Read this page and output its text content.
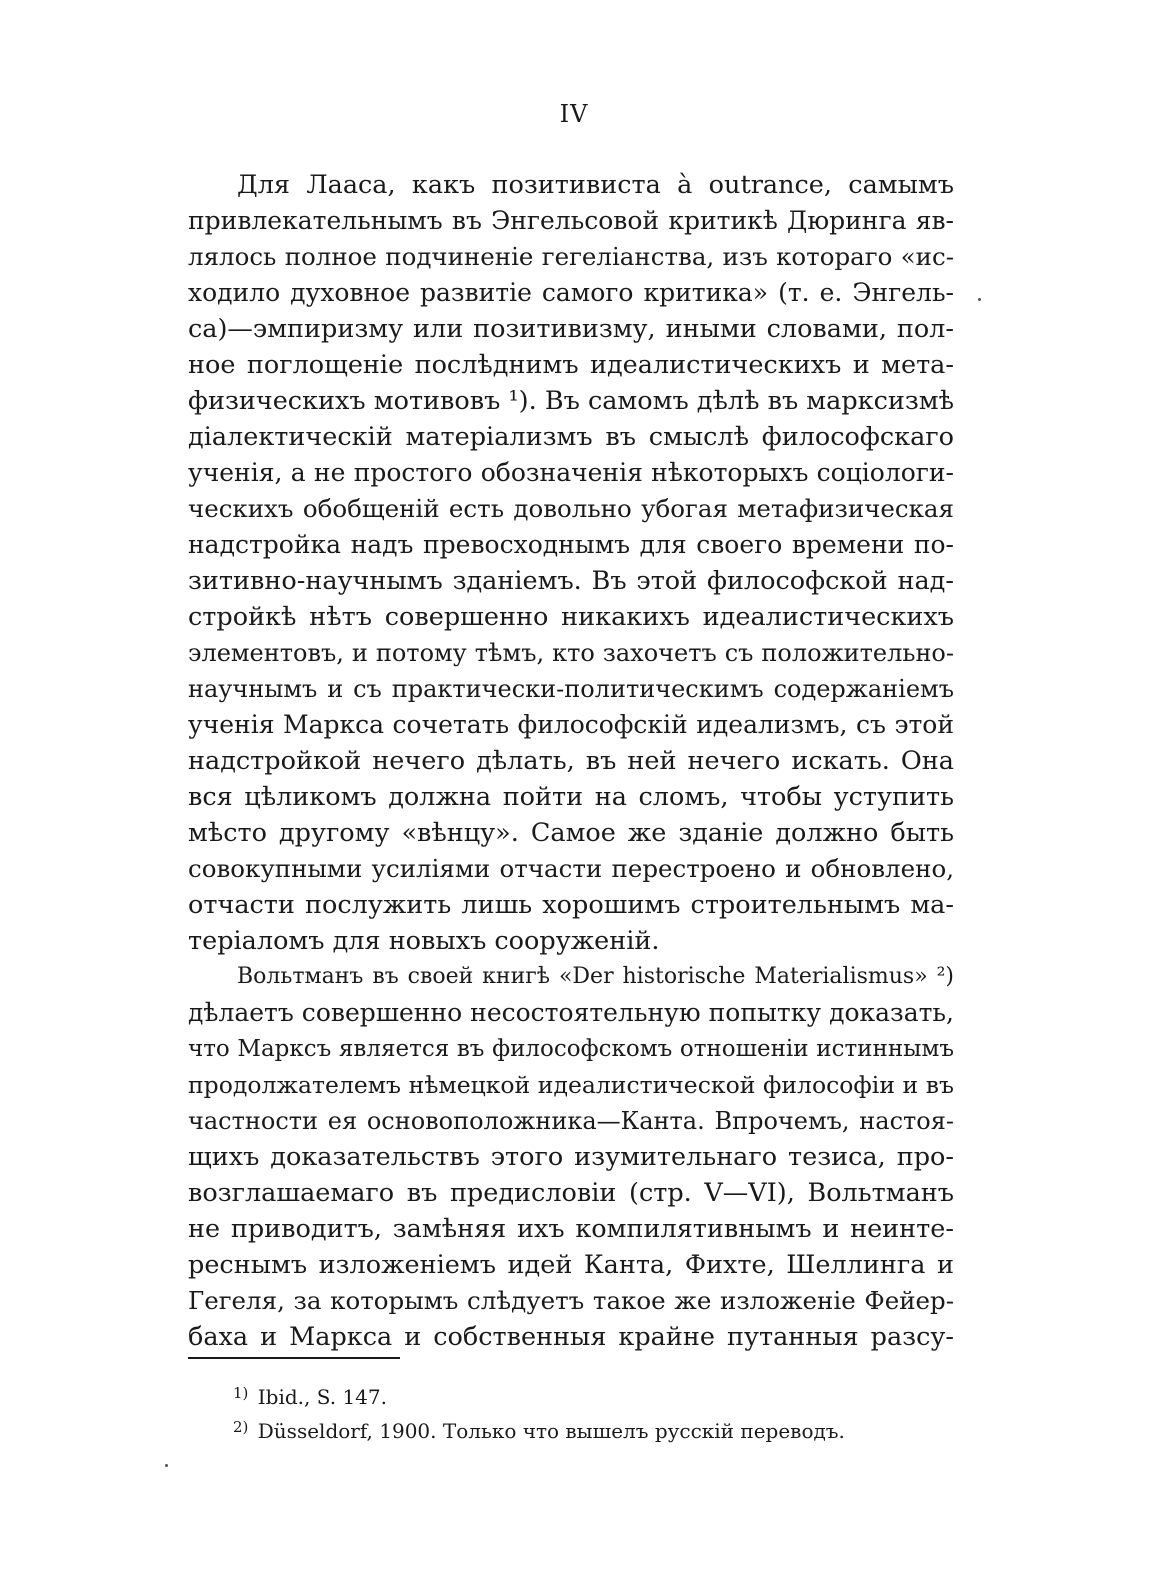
IV
Для Лааса, какъ позитивиста à outrance, самымъ
привлекательнымъ въ Энгельсовой критикѣ Дюринга яв-
лялось полное подчиненіе гегеліанства, изъ котораго «ис-
ходило духовное развитіе самого критика» (т. е. Энгель-
са)—эмпиризму или позитивизму, иными словами, пол-
ное поглощеніе послѣднимъ идеалистическихъ и мета-
физическихъ мотивовъ ¹). Въ самомъ дѣлѣ въ марксизмѣ
діалектическій матеріализмъ въ смыслѣ философскаго
ученія, а не простого обозначенія нѣкоторыхъ соціологи-
ческихъ обобщеній есть довольно убогая метафизическая
надстройка надъ превосходнымъ для своего времени по-
зитивно-научнымъ зданіемъ. Въ этой философской над-
стройкѣ нѣтъ совершенно никакихъ идеалистическихъ
элементовъ, и потому тѣмъ, кто захочетъ съ положительно-
научнымъ и съ практически-политическимъ содержаніемъ
ученія Маркса сочетать философскій идеализмъ, съ этой
надстройкой нечего дѣлать, въ ней нечего искать. Она
вся цѣликомъ должна пойти на сломъ, чтобы уступить
мѣсто другому «вѣнцу». Самое же зданіе должно быть
совокупными усиліями отчасти перестроено и обновлено,
отчасти послужить лишь хорошимъ строительнымъ ма-
теріаломъ для новыхъ сооруженій.
Вольтманъ въ своей книгѣ «Der historische Materialismus» ²)
дѣлаетъ совершенно несостоятельную попытку доказать,
что Марксъ является въ философскомъ отношеніи истиннымъ
продолжателемъ нѣмецкой идеалистической философіи и въ
частности ея основоположника—Канта. Впрочемъ, настоя-
щихъ доказательствъ этого изумительнаго тезиса, про-
возглашаемаго въ предисловіи (стр. V—VI), Вольтманъ
не приводитъ, замѣняя ихъ компилятивнымъ и неинте-
реснымъ изложеніемъ идей Канта, Фихте, Шеллинга и
Гегеля, за которымъ слѣдуетъ такое же изложеніе Фейер-
баха и Маркса и собственныя крайне путанныя разсу-
$^{1)}$ Ibid., S. 147.
$^{2)}$ Düsseldorf, 1900. Только что вышелъ русскій переводъ.
